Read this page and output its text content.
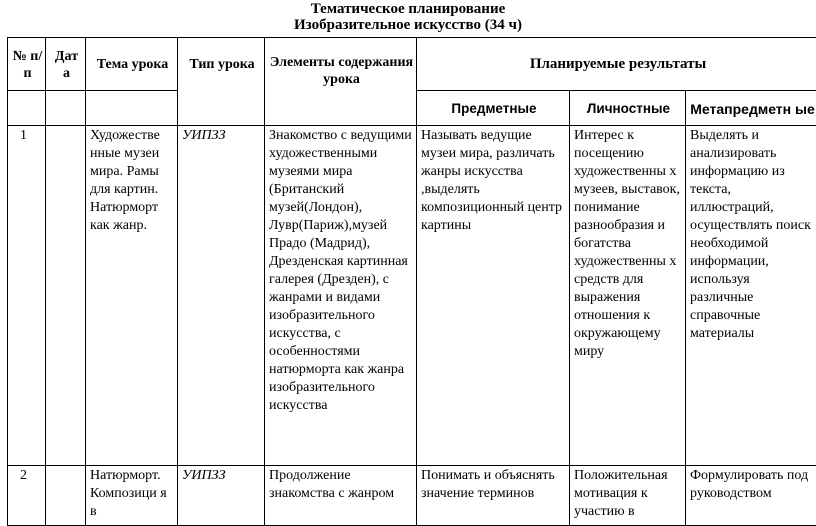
Тематическое планирование
Изобразительное искусство (34 ч)
№ п/п	Дат а	Тема урока	Тип урока	Элементы содержания урока	Планируемые результаты		
					Предметные	Личностные	Метапредметн ые
1		Художестве нные музеи мира. Рамы для картин. Натюрморт как жанр.	УИПЗЗ	Знакомство с ведущими художественными музеями мира (Британский музей(Лондон), Лувр(Париж),музей Прадо (Мадрид), Дрезденская картинная галерея (Дрезден), с жанрами и видами изобразительного искусства, с особенностями натюрморта как жанра изобразительного искусства	Называть ведущие музеи мира, различать жанры искусства ,выделять композиционный центр картины	Интерес к посещению художественны х музеев, выставок, понимание разнообразия и богатства художественны х средств для выражения отношения к окружающему миру	Выделять и анализировать информацию из текста, иллюстраций, осуществлять поиск необходимой информации, используя различные справочные материалы
2		Натюрморт. Композици я в	УИПЗЗ	Продолжение знакомства с жанром	Понимать и объяснять значение терминов	Положительная мотивация к участию в	Формулировать под руководством
